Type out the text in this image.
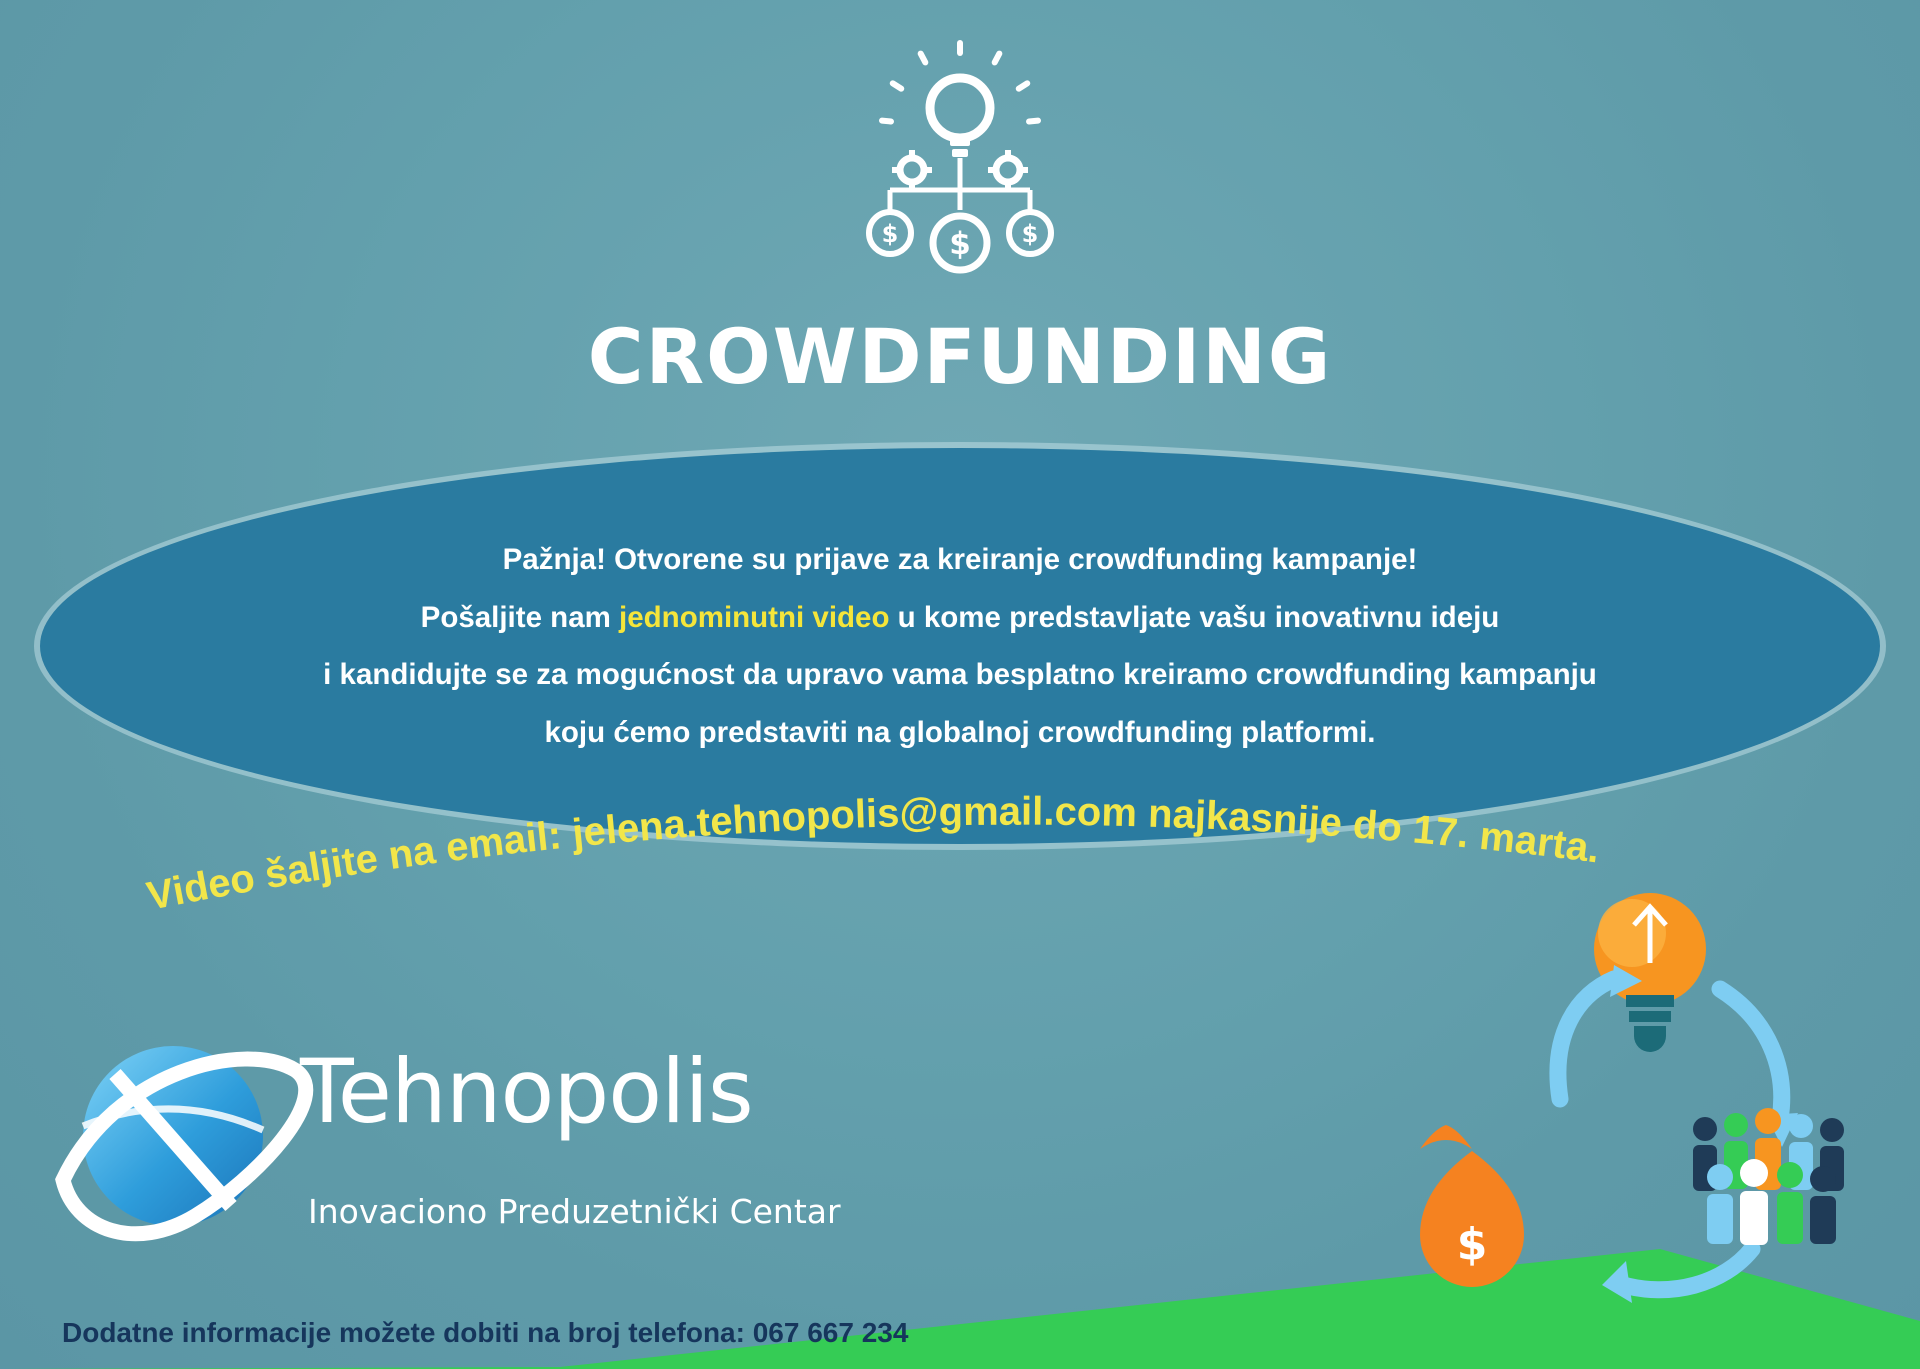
$	$
$
CROWDFUNDING
Pažnja! Otvorene su prijave za kreiranje crowdfunding kampanje!
Pošaljite nam jednominutni video u kome predstavljate vašu inovativnu ideju
i kandidujte se za mogućnost da upravo vama besplatno kreiramo crowdfunding kampanju
koju ćemo predstaviti na globalnoj crowdfunding platformi.
Video šaljite na email: jelena.tehnopolis@gmail.com najkasnije do 17. marta.
$
Tehnopolis
Inovaciono Preduzetnički Centar
Dodatne informacije možete dobiti na broj telefona: 067 667 234
